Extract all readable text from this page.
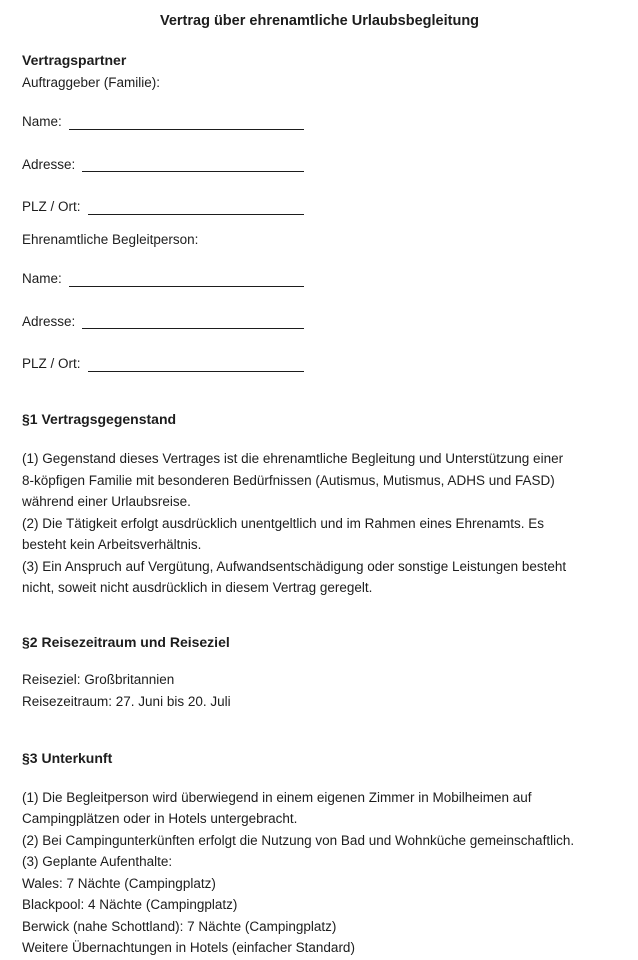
Vertrag über ehrenamtliche Urlaubsbegleitung
Vertragspartner
Auftraggeber (Familie):
Name:
Adresse:
PLZ / Ort:
Ehrenamtliche Begleitperson:
Name:
Adresse:
PLZ / Ort:
§1 Vertragsgegenstand
(1) Gegenstand dieses Vertrages ist die ehrenamtliche Begleitung und Unterstützung einer
8-köpfigen Familie mit besonderen Bedürfnissen (Autismus, Mutismus, ADHS und FASD)
während einer Urlaubsreise.
(2) Die Tätigkeit erfolgt ausdrücklich unentgeltlich und im Rahmen eines Ehrenamts. Es
besteht kein Arbeitsverhältnis.
(3) Ein Anspruch auf Vergütung, Aufwandsentschädigung oder sonstige Leistungen besteht
nicht, soweit nicht ausdrücklich in diesem Vertrag geregelt.
§2 Reisezeitraum und Reiseziel
Reiseziel: Großbritannien
Reisezeitraum: 27. Juni bis 20. Juli
§3 Unterkunft
(1) Die Begleitperson wird überwiegend in einem eigenen Zimmer in Mobilheimen auf
Campingplätzen oder in Hotels untergebracht.
(2) Bei Campingunterkünften erfolgt die Nutzung von Bad und Wohnküche gemeinschaftlich.
(3) Geplante Aufenthalte:
Wales: 7 Nächte (Campingplatz)
Blackpool: 4 Nächte (Campingplatz)
Berwick (nahe Schottland): 7 Nächte (Campingplatz)
Weitere Übernachtungen in Hotels (einfacher Standard)
